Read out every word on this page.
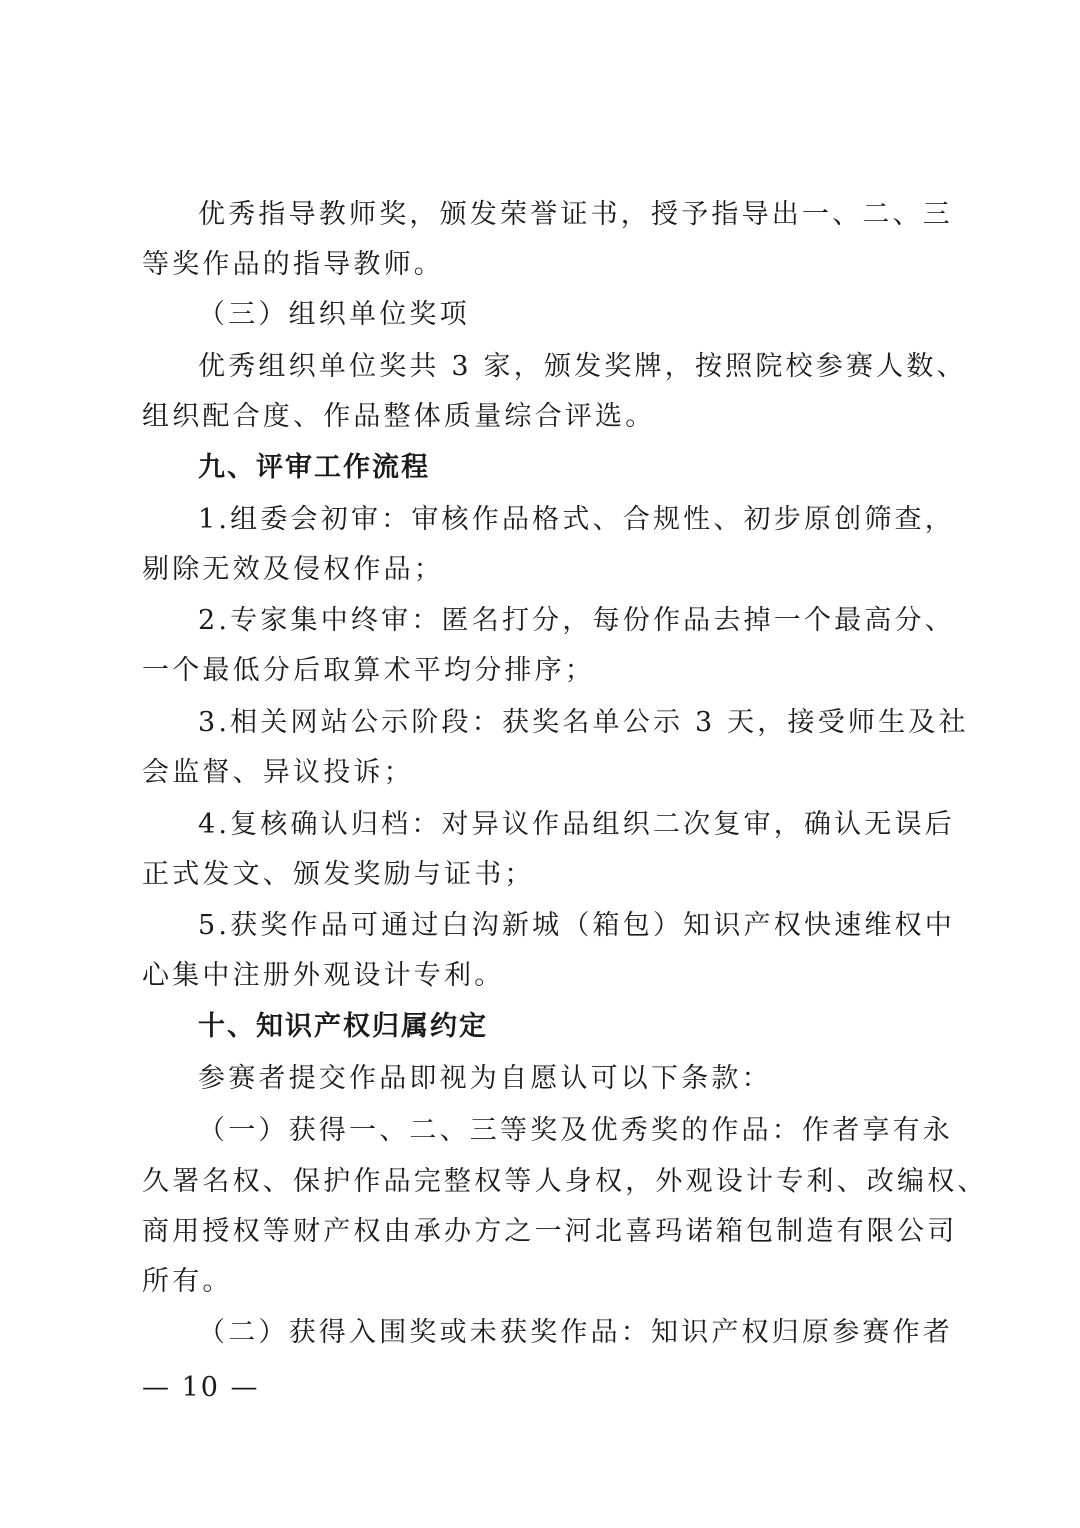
优秀指导教师奖，颁发荣誉证书，授予指导出一、二、三
等奖作品的指导教师。
（三）组织单位奖项
优秀组织单位奖共 3 家，颁发奖牌，按照院校参赛人数、
组织配合度、作品整体质量综合评选。
九、评审工作流程
1.组委会初审：审核作品格式、合规性、初步原创筛查，
剔除无效及侵权作品；
2.专家集中终审：匿名打分，每份作品去掉一个最高分、
一个最低分后取算术平均分排序；
3.相关网站公示阶段：获奖名单公示 3 天，接受师生及社
会监督、异议投诉；
4.复核确认归档：对异议作品组织二次复审，确认无误后
正式发文、颁发奖励与证书；
5.获奖作品可通过白沟新城（箱包）知识产权快速维权中
心集中注册外观设计专利。
十、知识产权归属约定
参赛者提交作品即视为自愿认可以下条款：
（一）获得一、二、三等奖及优秀奖的作品：作者享有永
久署名权、保护作品完整权等人身权，外观设计专利、改编权、
商用授权等财产权由承办方之一河北喜玛诺箱包制造有限公司
所有。
（二）获得入围奖或未获奖作品：知识产权归原参赛作者
— 10 —
